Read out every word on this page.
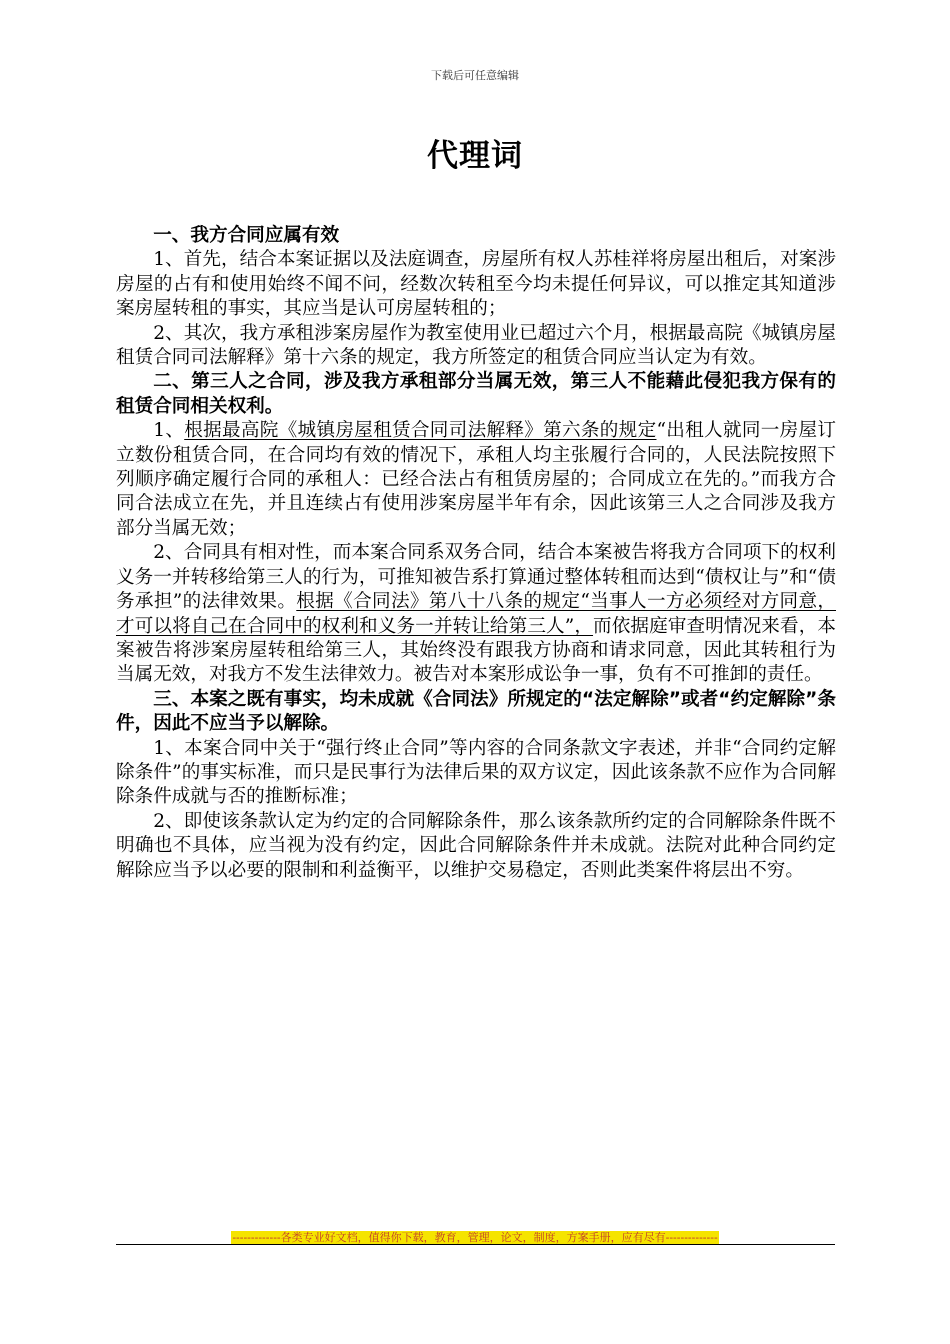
下载后可任意编辑
代理词

一、我方合同应属有效

1、首先，结合本案证据以及法庭调查，房屋所有权人苏桂祥将房屋出租后，对案涉房屋的占有和使用始终不闻不问，经数次转租至今均未提任何异议，可以推定其知道涉案房屋转租的事实，其应当是认可房屋转租的；

2、其次，我方承租涉案房屋作为教室使用业已超过六个月，根据最高院《城镇房屋租赁合同司法解释》第十六条的规定，我方所签定的租赁合同应当认定为有效。

二、第三人之合同，涉及我方承租部分当属无效，第三人不能藉此侵犯我方保有的租赁合同相关权利。

1、根据最高院《城镇房屋租赁合同司法解释》第六条的规定“出租人就同一房屋订立数份租赁合同，在合同均有效的情况下，承租人均主张履行合同的，人民法院按照下列顺序确定履行合同的承租人：已经合法占有租赁房屋的；合同成立在先的。”而我方合同合法成立在先，并且连续占有使用涉案房屋半年有余，因此该第三人之合同涉及我方部分当属无效；

2、合同具有相对性，而本案合同系双务合同，结合本案被告将我方合同项下的权利义务一并转移给第三人的行为，可推知被告系打算通过整体转租而达到“债权让与”和“债务承担”的法律效果。根据《合同法》第八十八条的规定“当事人一方必须经对方同意，才可以将自己在合同中的权利和义务一并转让给第三人”，而依据庭审查明情况来看，本案被告将涉案房屋转租给第三人，其始终没有跟我方协商和请求同意，因此其转租行为当属无效，对我方不发生法律效力。被告对本案形成讼争一事，负有不可推卸的责任。

三、本案之既有事实，均未成就《合同法》所规定的“法定解除”或者“约定解除”条件，因此不应当予以解除。

1、本案合同中关于“强行终止合同”等内容的合同条款文字表述，并非“合同约定解除条件”的事实标准，而只是民事行为法律后果的双方议定，因此该条款不应作为合同解除条件成就与否的推断标准；

2、即使该条款认定为约定的合同解除条件，那么该条款所约定的合同解除条件既不明确也不具体，应当视为没有约定，因此合同解除条件并未成就。法院对此种合同约定解除应当予以必要的限制和利益衡平，以维护交易稳定，否则此类案件将层出不穷。

-------------各类专业好文档，值得你下载，教育，管理，论文，制度，方案手册，应有尽有--------------
